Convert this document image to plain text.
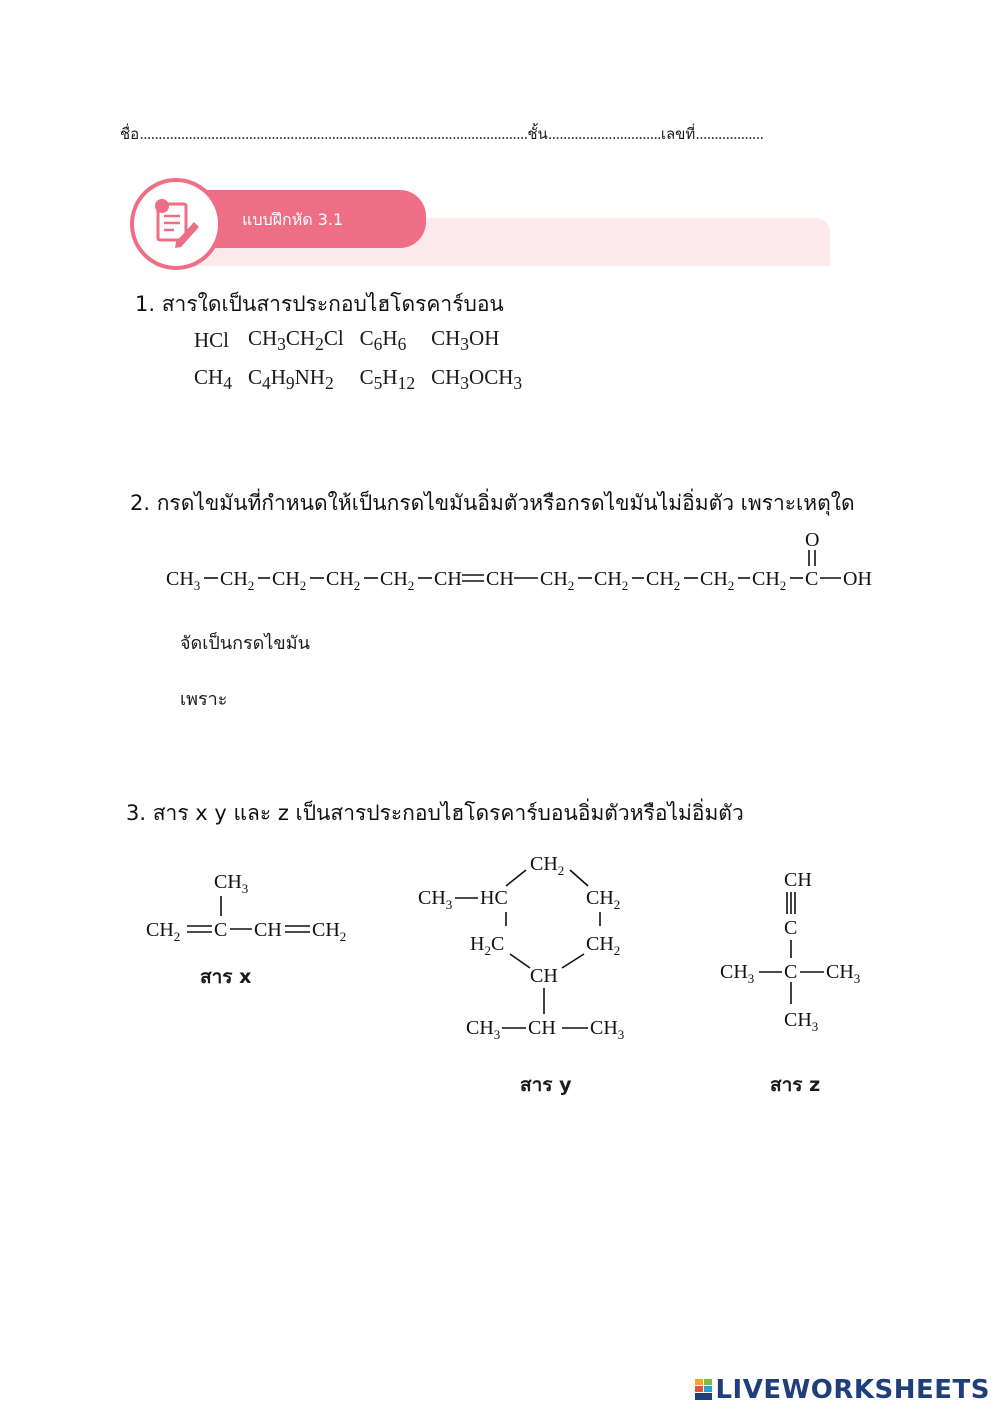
ชื่อ.......................................................................................................ชั้น..............................เลขที่..................
แบบฝึกหัด 3.1
1. สารใดเป็นสารประกอบไฮโดรคาร์บอน
HCl	$CH_3CH_2Cl$	$C_6H_6$	$CH_3OH$
$CH_4$	$C_4H_9NH_2$	$C_5H_{12}$	$CH_3OCH_3$
2. กรดไขมันที่กำหนดให้เป็นกรดไขมันอิ่มตัวหรือกรดไขมันไม่อิ่มตัว เพราะเหตุใด
$CH_3$ $CH_2$ $CH_2$ $CH_2$ $CH_2$ CH CH $CH_2$ $CH_2$ $CH_2$ $CH_2$ $CH_2$ C OH
O
จัดเป็นกรดไขมัน
เพราะ
3. สาร x y และ z เป็นสารประกอบไฮโดรคาร์บอนอิ่มตัวหรือไม่อิ่มตัว
$CH_3$
$CH_2$ C CH $CH_2$
สาร x
$CH_2$
$CH_3$ HC	$CH_2$
$H_2C$	$CH_2$
CH
$CH_3$ CH $CH_3$
สาร y
CH
C
$CH_3$ C $CH_3$
$CH_3$
สาร z
LIVEWORKSHEETS
